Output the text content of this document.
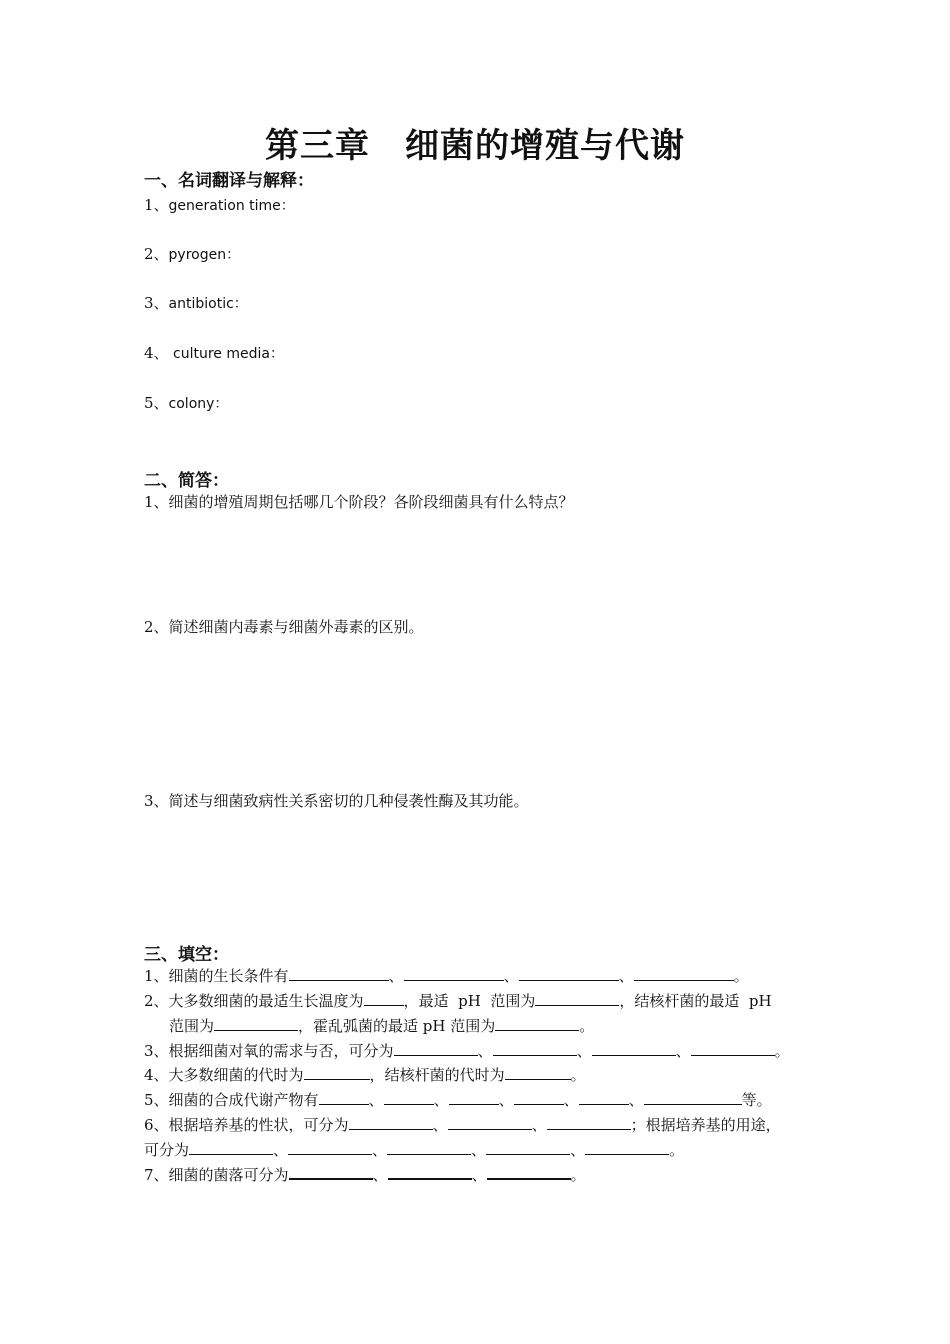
第三章　细菌的增殖与代谢
一、名词翻译与解释：
1、generation time：
2、pyrogen：
3、antibiotic：
4、 culture media：
5、colony：
二、简答：
1、细菌的增殖周期包括哪几个阶段？各阶段细菌具有什么特点？
2、简述细菌内毒素与细菌外毒素的区别。
3、简述与细菌致病性关系密切的几种侵袭性酶及其功能。
三、填空：
1、细菌的生长条件有	、	、	、	。
2、大多数细菌的最适生长温度为	，最适  pH  范围为	，结核杆菌的最适  pH
范围为	，霍乱弧菌的最适 pH 范围为	。
3、根据细菌对氧的需求与否，可分为	、	、	、	。
4、大多数细菌的代时为	，结核杆菌的代时为	。
5、细菌的合成代谢产物有	、	、	、	、	、	等。
6、根据培养基的性状，可分为	、	、	；根据培养基的用途，
可分为	、	、	、	、	。
7、细菌的菌落可分为	、	、	。
